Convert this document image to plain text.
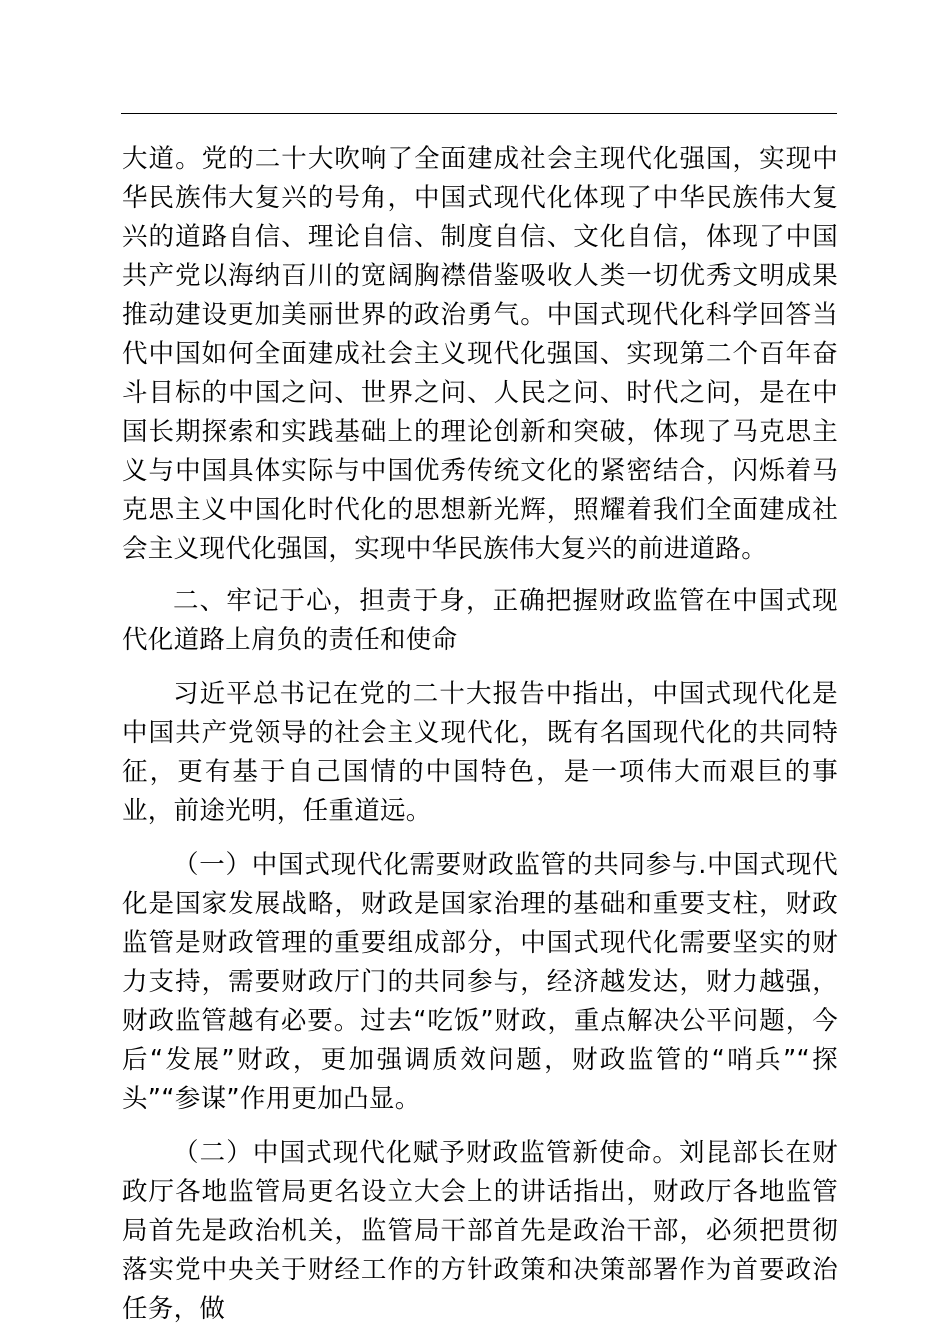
大道。党的二十大吹响了全面建成社会主现代化强国，实现中华民族伟大复兴的号角，中国式现代化体现了中华民族伟大复兴的道路自信、理论自信、制度自信、文化自信，体现了中国共产党以海纳百川的宽阔胸襟借鉴吸收人类一切优秀文明成果推动建设更加美丽世界的政治勇气。中国式现代化科学回答当代中国如何全面建成社会主义现代化强国、实现第二个百年奋斗目标的中国之问、世界之问、人民之问、时代之问，是在中国长期探索和实践基础上的理论创新和突破，体现了马克思主义与中国具体实际与中国优秀传统文化的紧密结合，闪烁着马克思主义中国化时代化的思想新光辉，照耀着我们全面建成社会主义现代化强国，实现中华民族伟大复兴的前进道路。

二、牢记于心，担责于身，正确把握财政监管在中国式现代化道路上肩负的责任和使命

习近平总书记在党的二十大报告中指出，中国式现代化是中国共产党领导的社会主义现代化，既有名国现代化的共同特征，更有基于自己国情的中国特色，是一项伟大而艰巨的事业，前途光明，任重道远。

（一）中国式现代化需要财政监管的共同参与.中国式现代化是国家发展战略，财政是国家治理的基础和重要支柱，财政监管是财政管理的重要组成部分，中国式现代化需要坚实的财力支持，需要财政厅门的共同参与，经济越发达，财力越强，财政监管越有必要。过去“吃饭”财政，重点解决公平问题，今后“发展”财政，更加强调质效问题，财政监管的“哨兵”“探头”“参谋”作用更加凸显。

（二）中国式现代化赋予财政监管新使命。刘昆部长在财政厅各地监管局更名设立大会上的讲话指出，财政厅各地监管局首先是政治机关，监管局干部首先是政治干部，必须把贯彻落实党中央关于财经工作的方针政策和决策部署作为首要政治任务，做
